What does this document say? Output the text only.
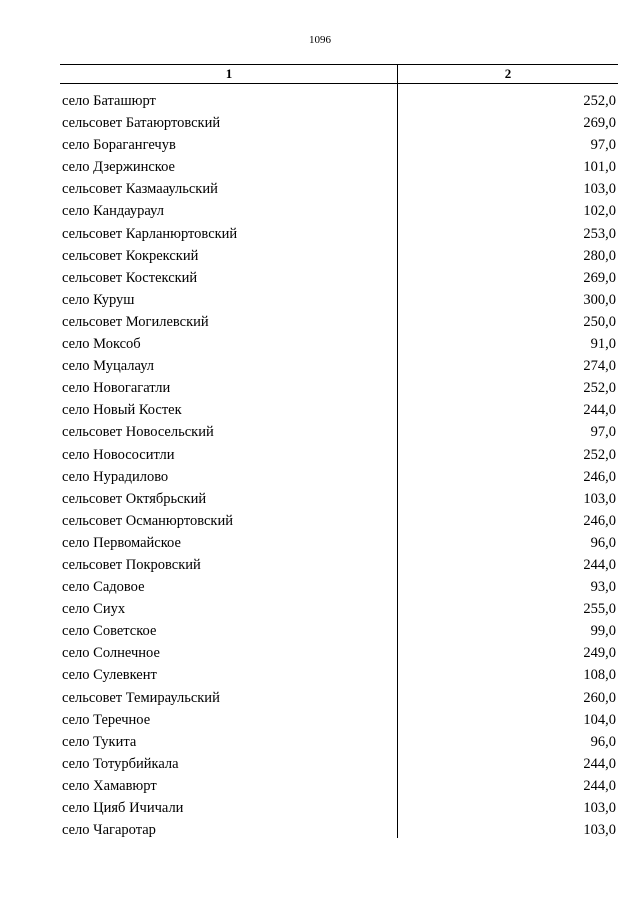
1096
1	2
село Баташюрт	252,0
сельсовет Батаюртовский	269,0
село Борагангечув	97,0
село Дзержинское	101,0
сельсовет Казмааульский	103,0
село Кандаураул	102,0
сельсовет Карланюртовский	253,0
сельсовет Кокрекский	280,0
сельсовет Костекский	269,0
село Куруш	300,0
сельсовет Могилевский	250,0
село Моксоб	91,0
село Муцалаул	274,0
село Новогагатли	252,0
село Новый Костек	244,0
сельсовет Новосельский	97,0
село Новососитли	252,0
село Нурадилово	246,0
сельсовет Октябрьский	103,0
сельсовет Османюртовский	246,0
село Первомайское	96,0
сельсовет Покровский	244,0
село Садовое	93,0
село Сиух	255,0
село Советское	99,0
село Солнечное	249,0
село Сулевкент	108,0
сельсовет Темираульский	260,0
село Теречное	104,0
село Тукита	96,0
село Тотурбийкала	244,0
село Хамавюрт	244,0
село Цияб Ичичали	103,0
село Чагаротар	103,0
